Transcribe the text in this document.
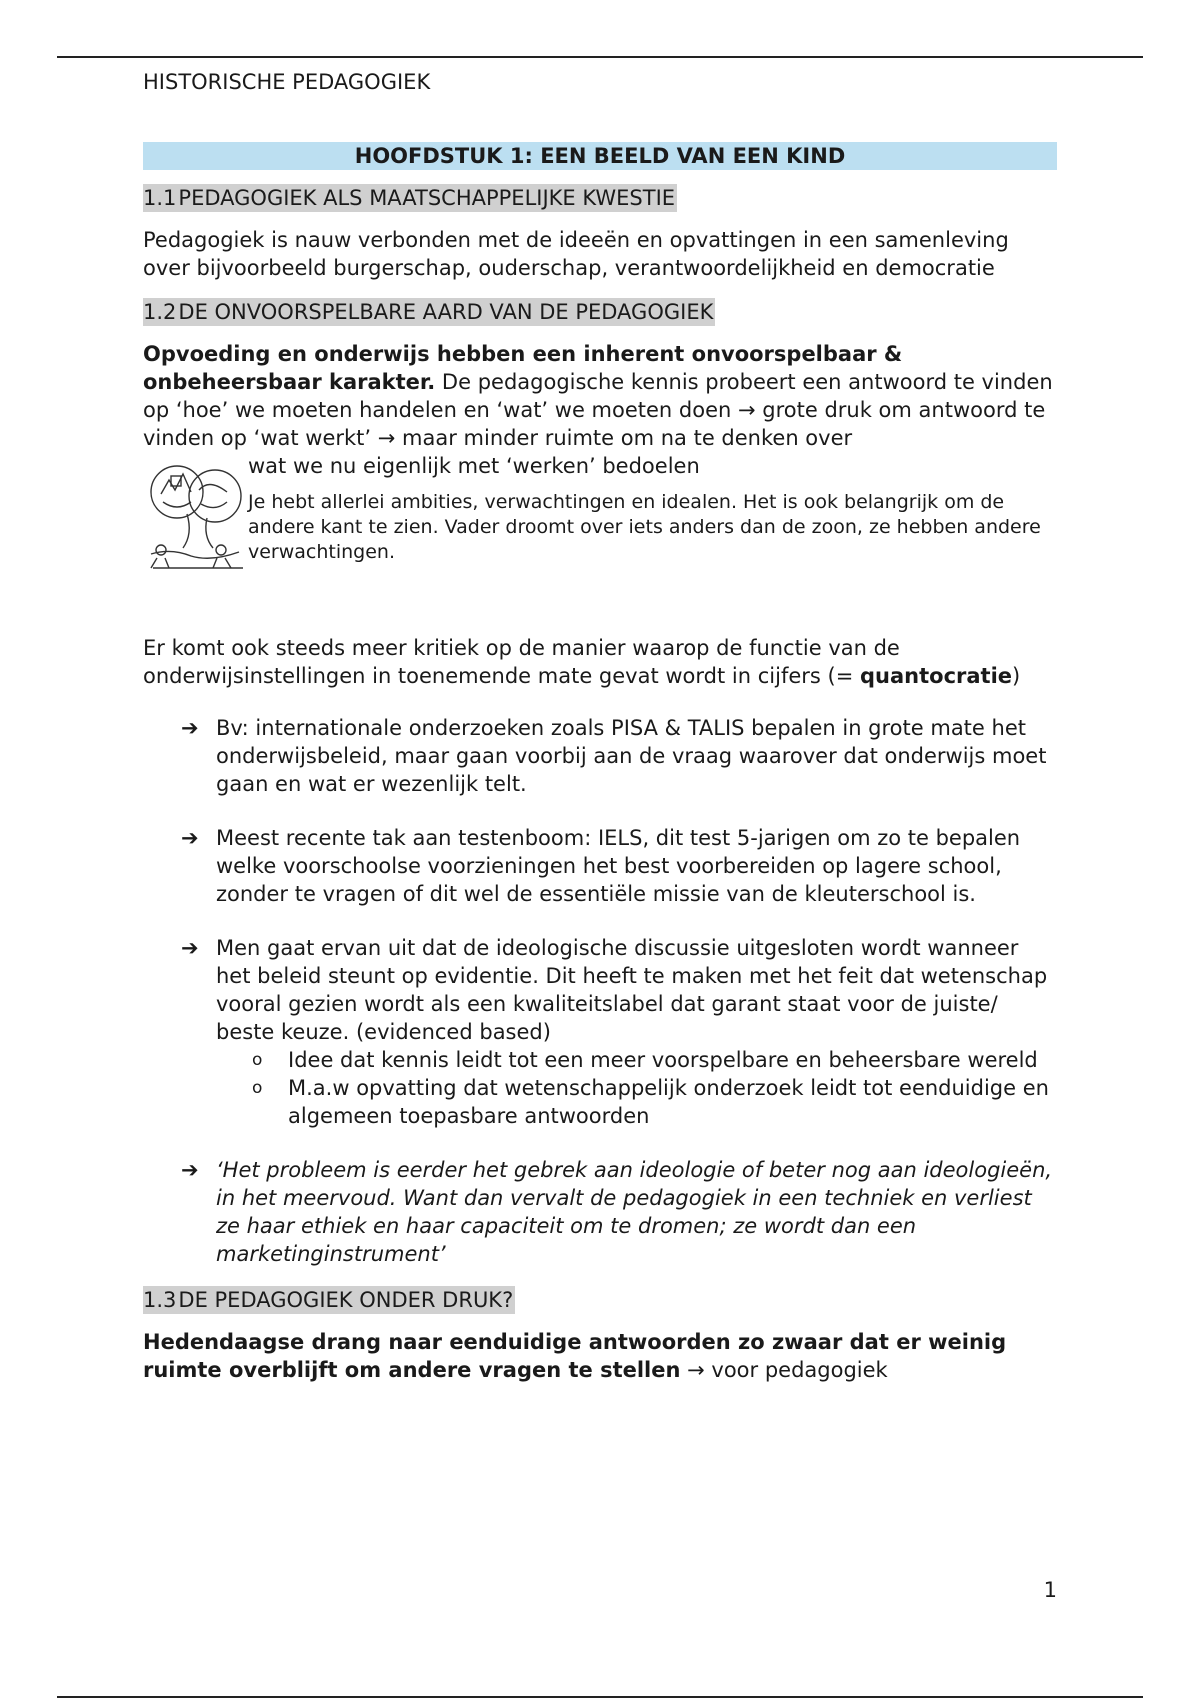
HISTORISCHE PEDAGOGIEK
HOOFDSTUK 1: EEN BEELD VAN EEN KIND
1.1PEDAGOGIEK ALS MAATSCHAPPELIJKE KWESTIE

Pedagogiek is nauw verbonden met de ideeën en opvattingen in een samenleving over bijvoorbeeld burgerschap, ouderschap, verantwoordelijkheid en democratie

1.2DE ONVOORSPELBARE AARD VAN DE PEDAGOGIEK

Opvoeding en onderwijs hebben een inherent onvoorspelbaar & onbeheersbaar karakter. De pedagogische kennis probeert een antwoord te vinden op ‘hoe’ we moeten handelen en ‘wat’ we moeten doen → grote druk om antwoord te vinden op ‘wat werkt’ → maar minder ruimte om na te denken over

wat we nu eigenlijk met ‘werken’ bedoelen
Je hebt allerlei ambities, verwachtingen en idealen. Het is ook belangrijk om de andere kant te zien. Vader droomt over iets anders dan de zoon, ze hebben andere verwachtingen.

Er komt ook steeds meer kritiek op de manier waarop de functie van de onderwijsinstellingen in toenemende mate gevat wordt in cijfers (= quantocratie)

➔ Bv: internationale onderzoeken zoals PISA & TALIS bepalen in grote mate het onderwijsbeleid, maar gaan voorbij aan de vraag waarover dat onderwijs moet gaan en wat er wezenlijk telt.
➔ Meest recente tak aan testenboom: IELS, dit test 5-jarigen om zo te bepalen welke voorschoolse voorzieningen het best voorbereiden op lagere school, zonder te vragen of dit wel de essentiële missie van de kleuterschool is.
➔ Men gaat ervan uit dat de ideologische discussie uitgesloten wordt wanneer het beleid steunt op evidentie. Dit heeft te maken met het feit dat wetenschap vooral gezien wordt als een kwaliteitslabel dat garant staat voor de juiste/ beste keuze. (evidenced based)
o Idee dat kennis leidt tot een meer voorspelbare en beheersbare wereld
o M.a.w opvatting dat wetenschappelijk onderzoek leidt tot eenduidige en algemeen toepasbare antwoorden
➔ ‘Het probleem is eerder het gebrek aan ideologie of beter nog aan ideologieën, in het meervoud. Want dan vervalt de pedagogiek in een techniek en verliest ze haar ethiek en haar capaciteit om te dromen; ze wordt dan een marketinginstrument’
1.3DE PEDAGOGIEK ONDER DRUK?

Hedendaagse drang naar eenduidige antwoorden zo zwaar dat er weinig ruimte overblijft om andere vragen te stellen → voor pedagogiek

1
